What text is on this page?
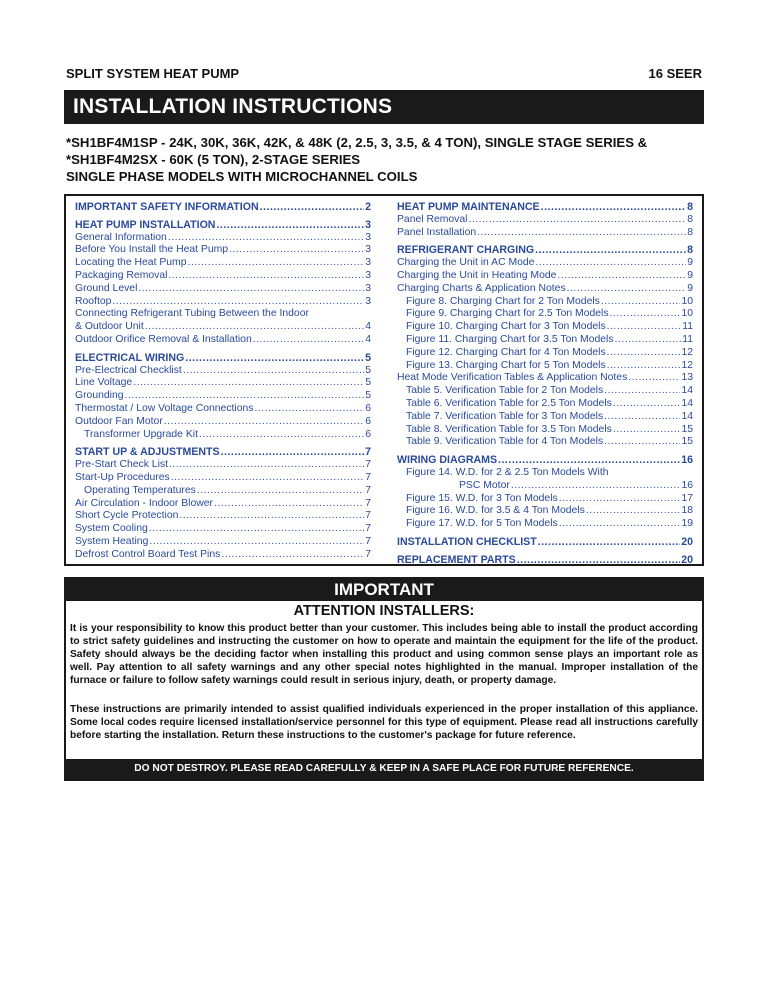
SPLIT SYSTEM HEAT PUMP	16 SEER
INSTALLATION INSTRUCTIONS
*SH1BF4M1SP - 24K, 30K, 36K, 42K, & 48K (2, 2.5, 3, 3.5, & 4 TON), SINGLE STAGE SERIES &
*SH1BF4M2SX - 60K (5 TON), 2-STAGE SERIES
SINGLE PHASE MODELS WITH MICROCHANNEL COILS
IMPORTANT SAFETY INFORMATION .....	2
HEAT PUMP INSTALLATION .....	3
General Information .....	3
Before You Install the Heat Pump .....	3
Locating the Heat Pump .....	3
Packaging Removal .....	3
Ground Level .....	3
Rooftop .....	3
Connecting Refrigerant Tubing Between the Indoor
& Outdoor Unit .....	4
Outdoor Orifice Removal & Installation .....	4
ELECTRICAL WIRING .....	5
Pre-Electrical Checklist .....	5
Line Voltage .....	5
Grounding .....	5
Thermostat / Low Voltage Connections .....	6
Outdoor Fan Motor .....	6
Transformer Upgrade Kit .....	6
START UP & ADJUSTMENTS .....	7
Pre-Start Check List .....	7
Start-Up Procedures .....	7
Operating Temperatures .....	7
Air Circulation - Indoor Blower .....	7
Short Cycle Protection .....	7
System Cooling .....	7
System Heating .....	7
Defrost Control Board Test Pins .....	7
HEAT PUMP MAINTENANCE .....	8
Panel Removal .....	8
Panel Installation .....	8
REFRIGERANT CHARGING .....	8
Charging the Unit in AC Mode .....	9
Charging the Unit in Heating Mode .....	9
Charging Charts & Application Notes .....	9
Figure 8. Charging Chart for 2 Ton Models .....	10
Figure 9. Charging Chart for 2.5 Ton Models .....	10
Figure 10. Charging Chart for 3 Ton Models .....	11
Figure 11. Charging Chart for 3.5 Ton Models .....	11
Figure 12. Charging Chart for 4 Ton Models .....	12
Figure 13. Charging Chart for 5 Ton Models .....	12
Heat Mode Verification Tables & Application Notes .....	13
Table 5. Verification Table for 2 Ton Models .....	14
Table 6. Verification Table for 2.5 Ton Models .....	14
Table 7. Verification Table for 3 Ton Models .....	14
Table 8. Verification Table for 3.5 Ton Models .....	15
Table 9. Verification Table for 4 Ton Models .....	15
WIRING DIAGRAMS .....	16
Figure 14. W.D. for 2 & 2.5 Ton Models With
PSC Motor .....	16
Figure 15. W.D. for 3 Ton Models .....	17
Figure 16. W.D. for 3.5 & 4 Ton Models .....	18
Figure 17. W.D. for 5 Ton Models .....	19
INSTALLATION CHECKLIST .....	20
REPLACEMENT PARTS .....	20
IMPORTANT
ATTENTION INSTALLERS:
It is your responsibility to know this product better than your customer. This includes being able to install the product according to strict safety guidelines and instructing the customer on how to operate and maintain the equipment for the life of the product. Safety should always be the deciding factor when installing this product and using common sense plays an important role as well. Pay attention to all safety warnings and any other special notes highlighted in the manual. Improper installation of the furnace or failure to follow safety warnings could result in serious injury, death, or property damage.
These instructions are primarily intended to assist qualified individuals experienced in the proper installation of this appliance. Some local codes require licensed installation/service personnel for this type of equipment. Please read all instructions carefully before starting the installation. Return these instructions to the customer's package for future reference.
DO NOT DESTROY. PLEASE READ CAREFULLY & KEEP IN A SAFE PLACE FOR FUTURE REFERENCE.
